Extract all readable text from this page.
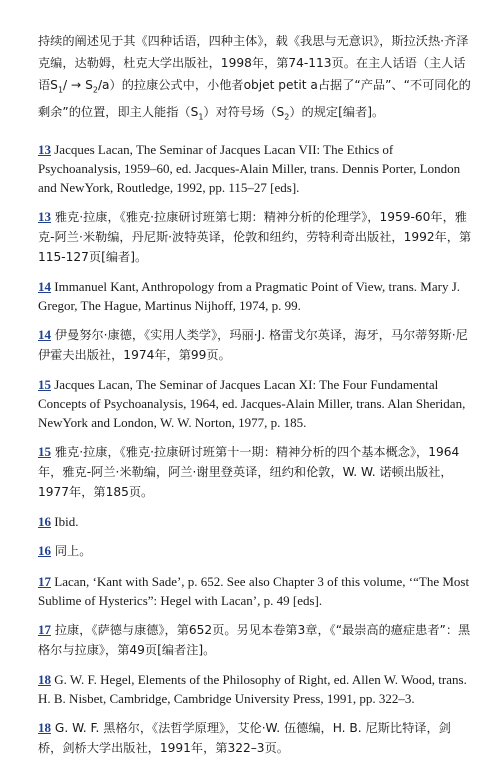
持续的阐述见于其《四种话语，四种主体》，载《我思与无意识》，斯拉沃热·齐泽克编，达勒姆，杜克大学出版社，1998年，第74-113页。在主人话语（主人话语$S_1/ \to S_2/a$）的拉康公式中，小他者objet petit a占据了“产品”、“不可同化的剩余”的位置，即主人能指$(S_1)$对符号场$(S_2)$的规定[编者]。

13 Jacques Lacan, The Seminar of Jacques Lacan VII: The Ethics of Psychoanalysis, 1959–60, ed. Jacques-Alain Miller, trans. Dennis Porter, London and NewYork, Routledge, 1992, pp. 115–27 [eds].

13 雅克·拉康，《雅克·拉康研讨班第七期：精神分析的伦理学》，1959-60年，雅克-阿兰·米勒编，丹尼斯·波特英译，伦敦和纽约，劳特利奇出版社，1992年，第115-127页[编者]。

14 Immanuel Kant, Anthropology from a Pragmatic Point of View, trans. Mary J. Gregor, The Hague, Martinus Nijhoff, 1974, p. 99.

14 伊曼努尔·康德，《实用人类学》，玛丽·J. 格雷戈尔英译，海牙，马尔蒂努斯·尼伊霍夫出版社，1974年，第99页。

15 Jacques Lacan, The Seminar of Jacques Lacan XI: The Four Fundamental Concepts of Psychoanalysis, 1964, ed. Jacques-Alain Miller, trans. Alan Sheridan, NewYork and London, W. W. Norton, 1977, p. 185.

15 雅克·拉康，《雅克·拉康研讨班第十一期：精神分析的四个基本概念》，1964年，雅克-阿兰·米勒编，阿兰·谢里登英译，纽约和伦敦，W. W. 诺顿出版社，1977年，第185页。

16 Ibid.

16 同上。

17 Lacan, ‘Kant with Sade’, p. 652. See also Chapter 3 of this volume, ‘“The Most Sublime of Hysterics”: Hegel with Lacan’, p. 49 [eds].

17 拉康，《萨德与康德》，第652页。另见本卷第3章，《“最崇高的癔症患者”：黑格尔与拉康》，第49页[编者注]。

18 G. W. F. Hegel, Elements of the Philosophy of Right, ed. Allen W. Wood, trans. H. B. Nisbet, Cambridge, Cambridge University Press, 1991, pp. 322–3.

18 G. W. F. 黑格尔，《法哲学原理》，艾伦·W. 伍德编，H. B. 尼斯比特译，剑桥，剑桥大学出版社，1991年，第322–3页。
